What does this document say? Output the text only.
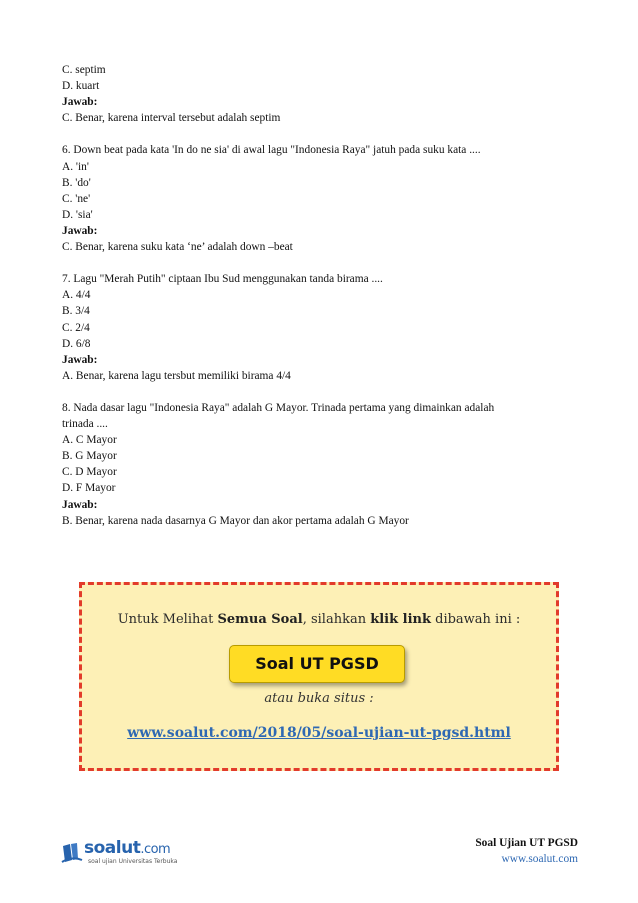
C. septim
D. kuart
Jawab:
C. Benar, karena interval tersebut adalah septim
6. Down beat pada kata 'In do ne sia' di awal lagu "Indonesia Raya" jatuh pada suku kata ....
A. 'in'
B. 'do'
C. 'ne'
D. 'sia'
Jawab:
C. Benar, karena suku kata ‘ne’ adalah down –beat
7. Lagu "Merah Putih" ciptaan Ibu Sud menggunakan tanda birama ....
A. 4/4
B. 3/4
C. 2/4
D. 6/8
Jawab:
A. Benar, karena lagu tersbut memiliki birama 4/4
8. Nada dasar lagu "Indonesia Raya" adalah G Mayor. Trinada pertama yang dimainkan adalah
trinada ....
A. C Mayor
B. G Mayor
C. D Mayor
D. F Mayor
Jawab:
B. Benar, karena nada dasarnya G Mayor dan akor pertama adalah G Mayor
Untuk Melihat Semua Soal, silahkan klik link dibawah ini :
Soal UT PGSD
atau buka situs :
www.soalut.com/2018/05/soal-ujian-ut-pgsd.html
soalut.com
soal ujian Universitas Terbuka
Soal Ujian UT PGSD
www.soalut.com
